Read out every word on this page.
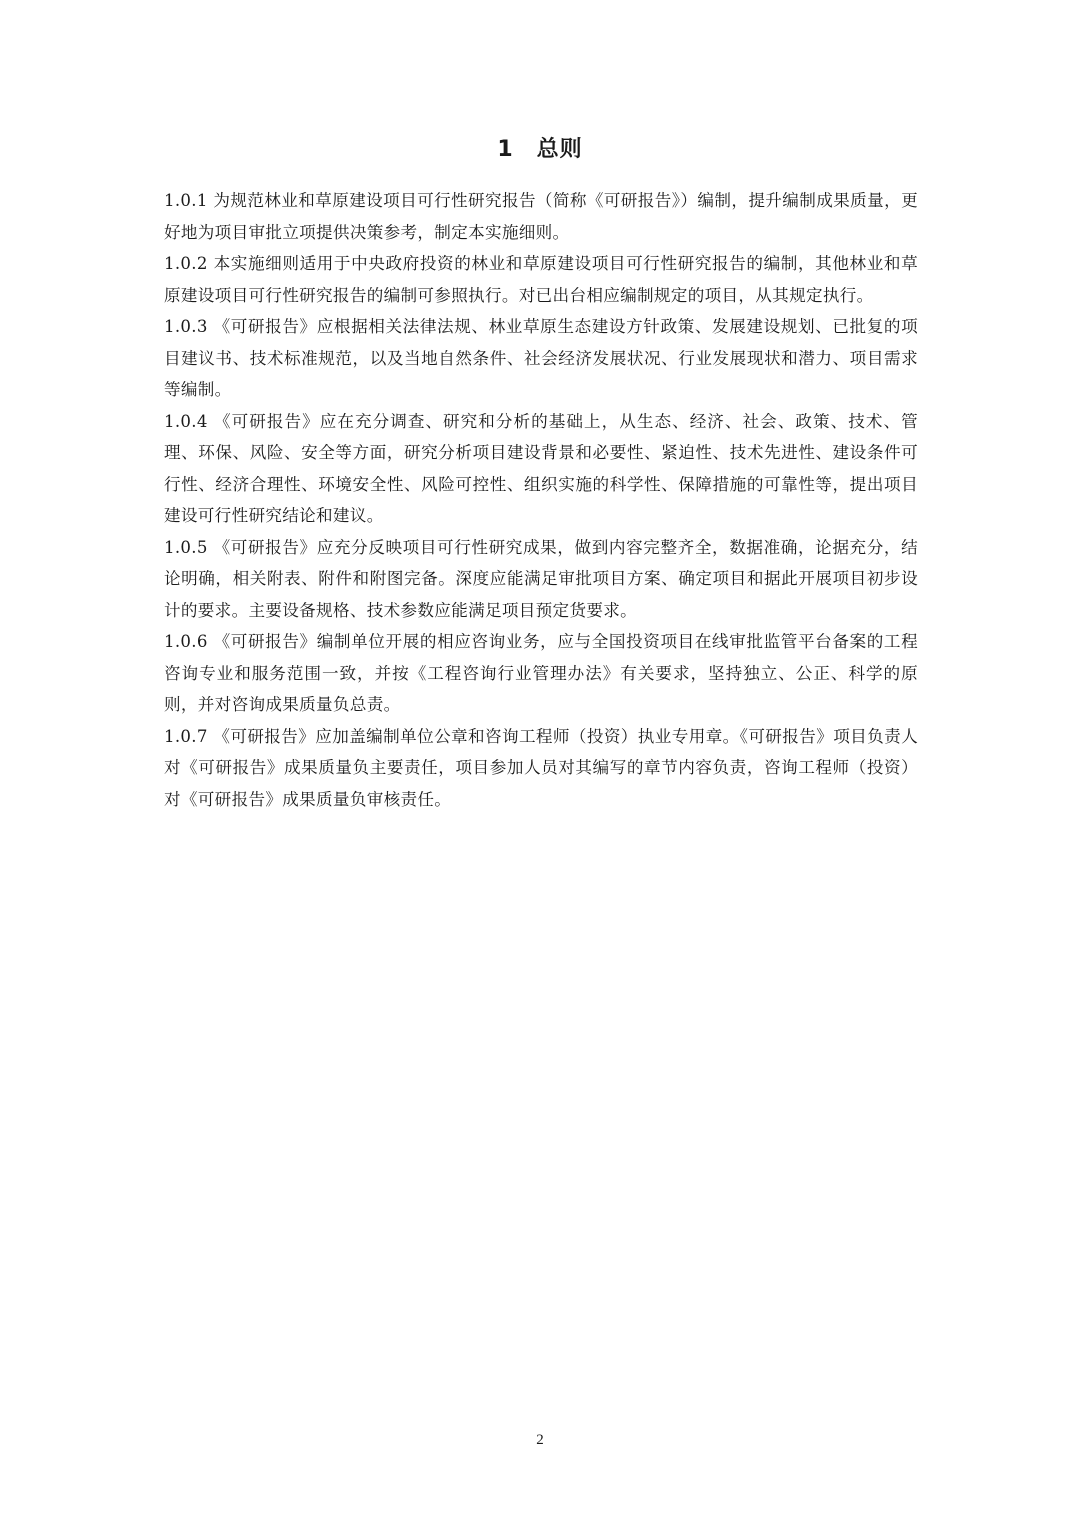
1　总则

1.0.1 为规范林业和草原建设项目可行性研究报告（简称《可研报告》）编制，提升编制成果质量，更好地为项目审批立项提供决策参考，制定本实施细则。

1.0.2 本实施细则适用于中央政府投资的林业和草原建设项目可行性研究报告的编制，其他林业和草原建设项目可行性研究报告的编制可参照执行。对已出台相应编制规定的项目，从其规定执行。

1.0.3 《可研报告》应根据相关法律法规、林业草原生态建设方针政策、发展建设规划、已批复的项目建议书、技术标准规范，以及当地自然条件、社会经济发展状况、行业发展现状和潜力、项目需求等编制。

1.0.4 《可研报告》应在充分调查、研究和分析的基础上，从生态、经济、社会、政策、技术、管理、环保、风险、安全等方面，研究分析项目建设背景和必要性、紧迫性、技术先进性、建设条件可行性、经济合理性、环境安全性、风险可控性、组织实施的科学性、保障措施的可靠性等，提出项目建设可行性研究结论和建议。

1.0.5 《可研报告》应充分反映项目可行性研究成果，做到内容完整齐全，数据准确，论据充分，结论明确，相关附表、附件和附图完备。深度应能满足审批项目方案、确定项目和据此开展项目初步设计的要求。主要设备规格、技术参数应能满足项目预定货要求。

1.0.6 《可研报告》编制单位开展的相应咨询业务，应与全国投资项目在线审批监管平台备案的工程咨询专业和服务范围一致，并按《工程咨询行业管理办法》有关要求，坚持独立、公正、科学的原则，并对咨询成果质量负总责。

1.0.7 《可研报告》应加盖编制单位公章和咨询工程师（投资）执业专用章。《可研报告》项目负责人对《可研报告》成果质量负主要责任，项目参加人员对其编写的章节内容负责，咨询工程师（投资）对《可研报告》成果质量负审核责任。

2
